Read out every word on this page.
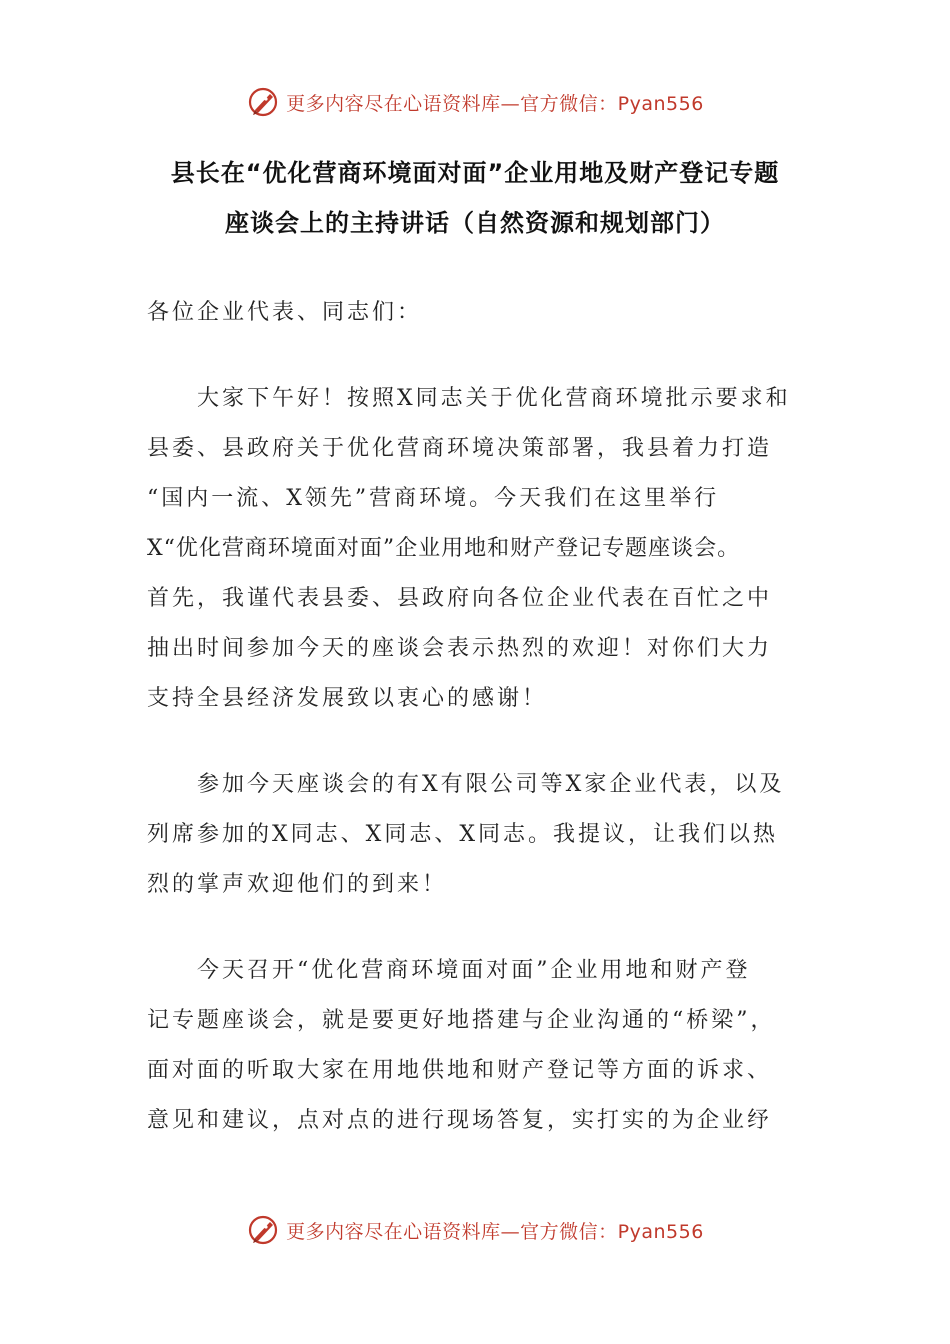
更多内容尽在心语资料库—官方微信：Pyan556
县长在“优化营商环境面对面”企业用地及财产登记专题
座谈会上的主持讲话（自然资源和规划部门）

各位企业代表、同志们：

大家下午好！按照X同志关于优化营商环境批示要求和
县委、县政府关于优化营商环境决策部署，我县着力打造
“国内一流、X领先”营商环境。今天我们在这里举行
X“优化营商环境面对面”企业用地和财产登记专题座谈会。
首先，我谨代表县委、县政府向各位企业代表在百忙之中
抽出时间参加今天的座谈会表示热烈的欢迎！对你们大力
支持全县经济发展致以衷心的感谢！

参加今天座谈会的有X有限公司等X家企业代表，以及
列席参加的X同志、X同志、X同志。我提议，让我们以热
烈的掌声欢迎他们的到来！

今天召开“优化营商环境面对面”企业用地和财产登
记专题座谈会，就是要更好地搭建与企业沟通的“桥梁”，
面对面的听取大家在用地供地和财产登记等方面的诉求、
意见和建议，点对点的进行现场答复，实打实的为企业纾

更多内容尽在心语资料库—官方微信：Pyan556
